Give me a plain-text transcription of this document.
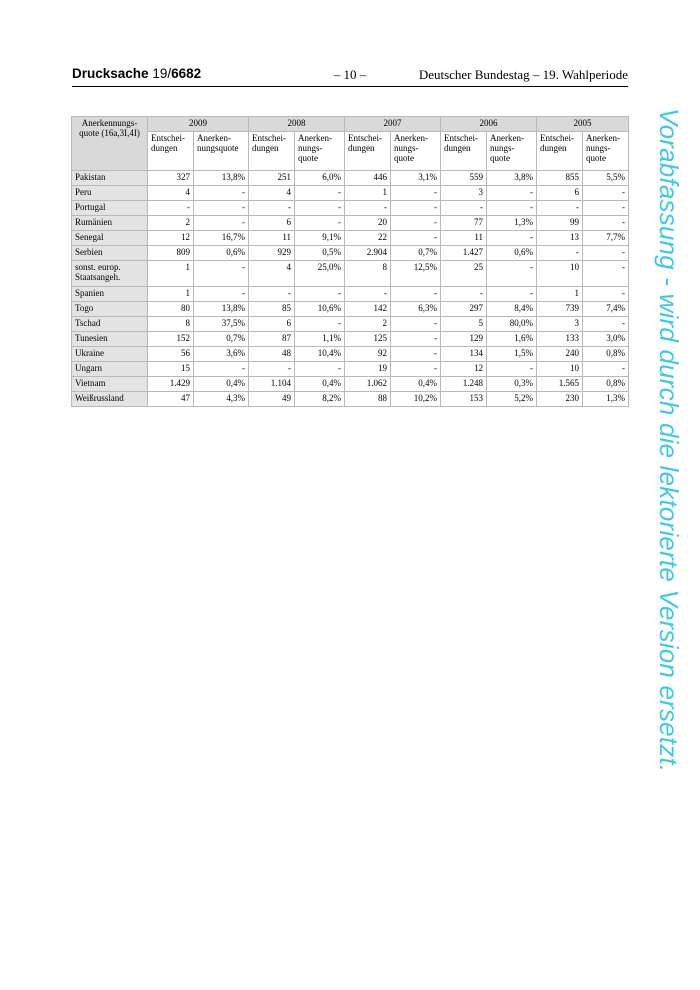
Drucksache 19/6682	– 10 –	Deutscher Bundestag – 19. Wahlperiode
Anerkennungs-quote (16a,3I,4I)	2009		2008		2007		2006		2005	
	Entschei-dungen	Anerken-nungsquote	Entschei-dungen	Anerken-nungs-quote	Entschei-dungen	Anerken-nungs-quote	Entschei-dungen	Anerken-nungs-quote	Entschei-dungen	Anerken-nungs-quote
Pakistan	327	13,8%	251	6,0%	446	3,1%	559	3,8%	855	5,5%
Peru	4	-	4	-	1	-	3	-	6	-
Portugal	-	-	-	-	-	-	-	-	-	-
Rumänien	2	-	6	-	20	-	77	1,3%	99	-
Senegal	12	16,7%	11	9,1%	22	-	11	-	13	7,7%
Serbien	809	0,6%	929	0,5%	2.904	0,7%	1.427	0,6%	-	-
sonst. europ. Staatsangeh.	1	-	4	25,0%	8	12,5%	25	-	10	-
Spanien	1	-	-	-	-	-	-	-	1	-
Togo	80	13,8%	85	10,6%	142	6,3%	297	8,4%	739	7,4%
Tschad	8	37,5%	6	-	2	-	5	80,0%	3	-
Tunesien	152	0,7%	87	1,1%	125	-	129	1,6%	133	3,0%
Ukraine	56	3,6%	48	10,4%	92	-	134	1,5%	240	0,8%
Ungarn	15	-	-	-	19	-	12	-	10	-
Vietnam	1.429	0,4%	1.104	0,4%	1.062	0,4%	1.248	0,3%	1.565	0,8%
Weißrussland	47	4,3%	49	8,2%	88	10,2%	153	5,2%	230	1,3%	Vorabfassung - wird durch die lektorierte Version ersetzt.
